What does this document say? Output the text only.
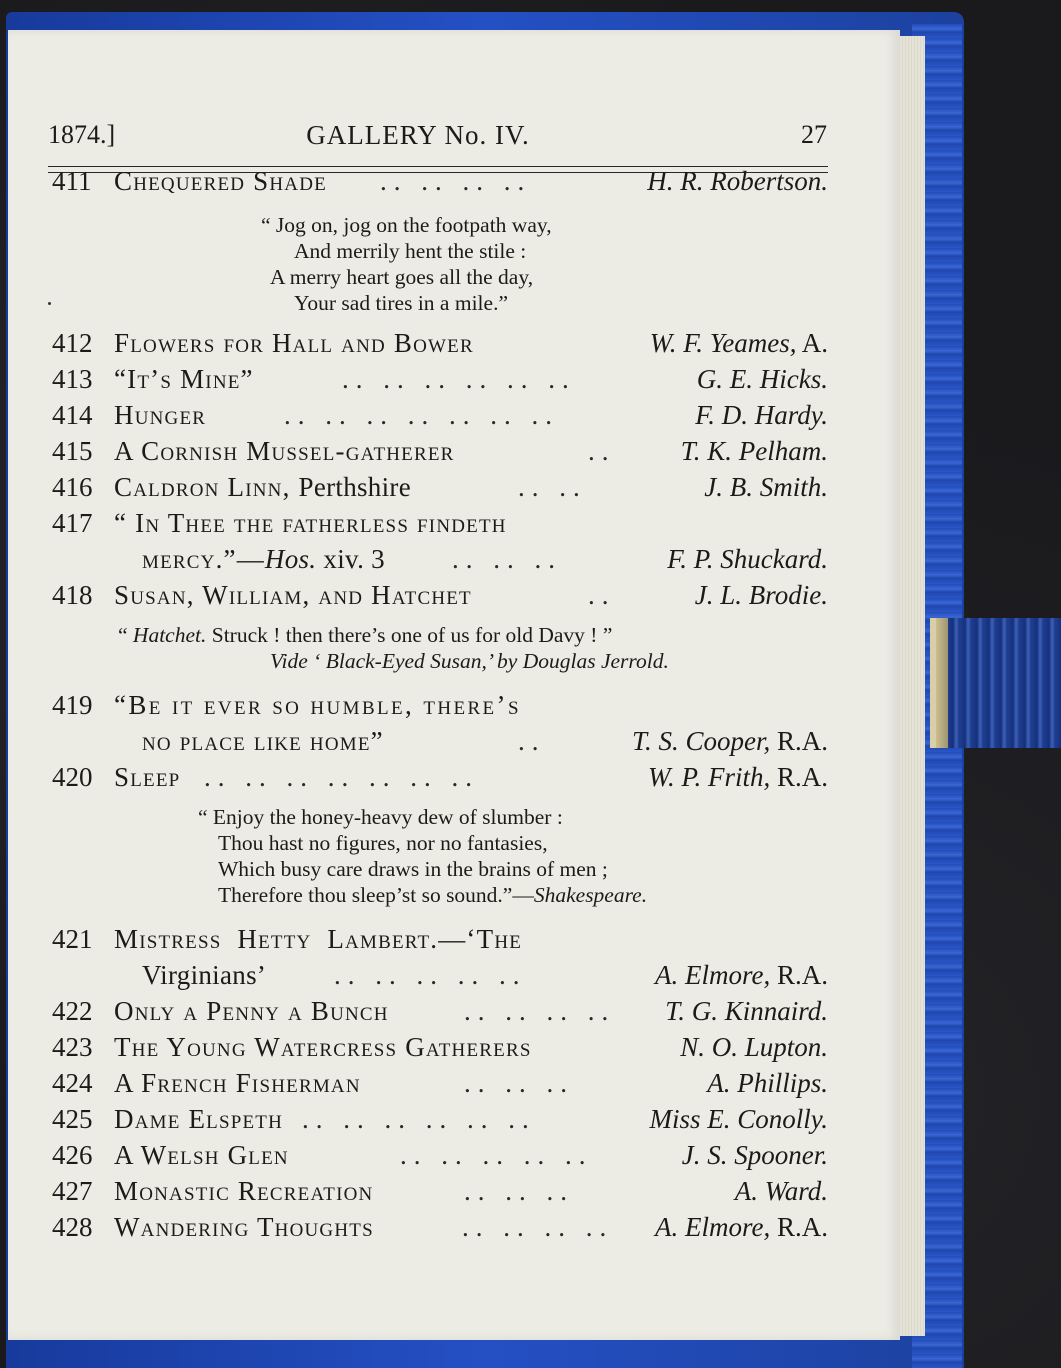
1874.]	GALLERY No. IV.	27
411 Chequered Shade .. .. .. ..	H. R. Robertson.
“ Jog on, jog on the footpath way,
And merrily hent the stile :
A merry heart goes all the day,
Your sad tires in a mile.”
412 Flowers for Hall and Bower	W. F. Yeames, A.
413 “It’s Mine”	.. .. .. .. .. ..	G. E. Hicks.
414 Hunger	.. .. .. .. .. .. ..	F. D. Hardy.
415 A Cornish Mussel-gatherer	.. T. K. Pelham.
416 Caldron Linn, Perthshire	.. ..	J. B. Smith.
417 “ In Thee the fatherless findeth
mercy.”—Hos. xiv. 3 .. .. ..	F. P. Shuckard.
418 Susan, William, and Hatchet	..	J. L. Brodie.
“ Hatchet. Struck ! then there’s one of us for old Davy ! ”
Vide ‘ Black-Eyed Susan,’ by Douglas Jerrold.
419 “Be it ever so humble, there’s
no place like home”	..	T. S. Cooper, R.A.
420 Sleep .. .. .. .. .. .. ..	W. P. Frith, R.A.
“ Enjoy the honey-heavy dew of slumber :
Thou hast no figures, nor no fantasies,
Which busy care draws in the brains of men ;
Therefore thou sleep’st so sound.”—Shakespeare.
421 Mistress  Hetty  Lambert.—‘The
Virginians’	.. .. .. .. ..	A. Elmore, R.A.
422 Only a Penny a Bunch	.. .. .. .. T. G. Kinnaird.
423 The Young Watercress Gatherers	N. O. Lupton.
424 A French Fisherman	.. .. ..	A. Phillips.
425 Dame Elspeth .. .. .. .. .. ..	Miss E. Conolly.
426 A Welsh Glen	.. .. .. .. ..	J. S. Spooner.
427 Monastic Recreation	.. .. ..	A. Ward.
428 Wandering Thoughts	.. .. .. .. A. Elmore, R.A.
